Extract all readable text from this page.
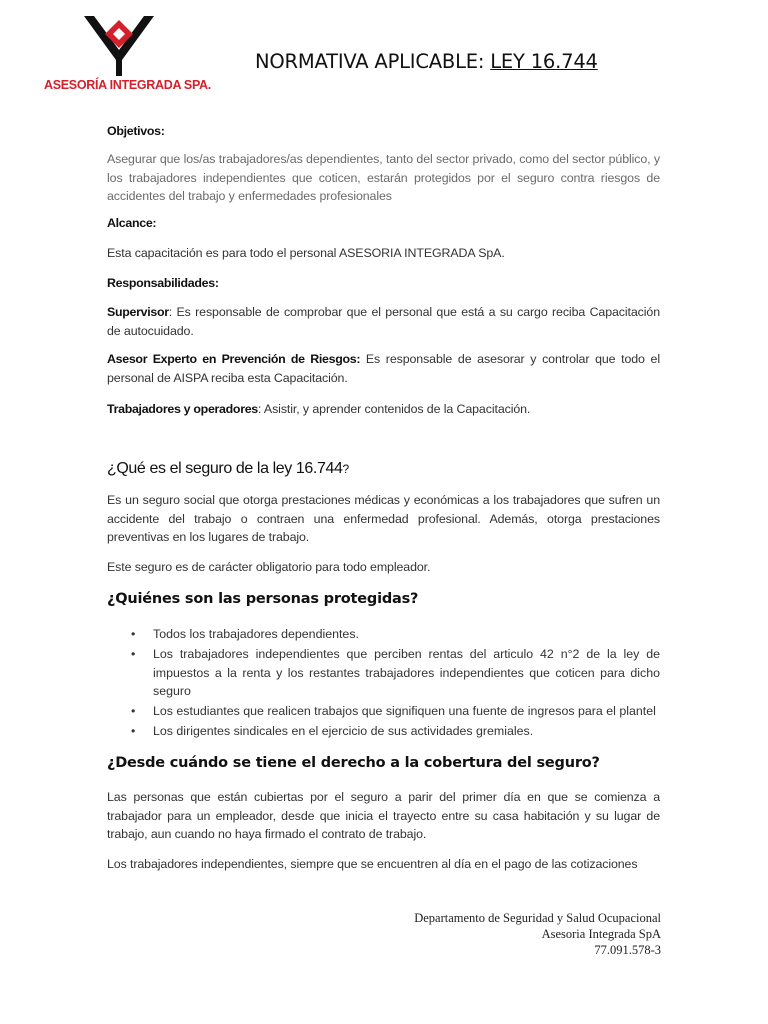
ASESORÍA INTEGRADA SPA.
NORMATIVA APLICABLE: LEY 16.744
Objetivos:
Asegurar que los/as trabajadores/as dependientes, tanto del sector privado, como del sector público, y los trabajadores independientes que coticen, estarán protegidos por el seguro contra riesgos de accidentes del trabajo y enfermedades profesionales
Alcance:
Esta capacitación es para todo el personal ASESORIA INTEGRADA SpA.
Responsabilidades:
Supervisor: Es responsable de comprobar que el personal que está a su cargo reciba Capacitación de autocuidado.
Asesor Experto en Prevención de Riesgos: Es responsable de asesorar y controlar que todo el personal de AISPA reciba esta Capacitación.
Trabajadores y operadores: Asistir, y aprender contenidos de la Capacitación.
¿Qué es el seguro de la ley 16.744?
Es un seguro social que otorga prestaciones médicas y económicas a los trabajadores que sufren un accidente del trabajo o contraen una enfermedad profesional. Además, otorga prestaciones preventivas en los lugares de trabajo.
Este seguro es de carácter obligatorio para todo empleador.
¿Quiénes son las personas protegidas?
• Todos los trabajadores dependientes.
• Los trabajadores independientes que perciben rentas del articulo 42 n°2 de la ley de impuestos a la renta y los restantes trabajadores independientes que coticen para dicho seguro
• Los estudiantes que realicen trabajos que signifiquen una fuente de ingresos para el plantel
• Los dirigentes sindicales en el ejercicio de sus actividades gremiales.
¿Desde cuándo se tiene el derecho a la cobertura del seguro?
Las personas que están cubiertas por el seguro a parir del primer día en que se comienza a trabajador para un empleador, desde que inicia el trayecto entre su casa habitación y su lugar de trabajo, aun cuando no haya firmado el contrato de trabajo.
Los trabajadores independientes, siempre que se encuentren al día en el pago de las cotizaciones
Departamento de Seguridad y Salud Ocupacional
Asesoria Integrada SpA
77.091.578-3
